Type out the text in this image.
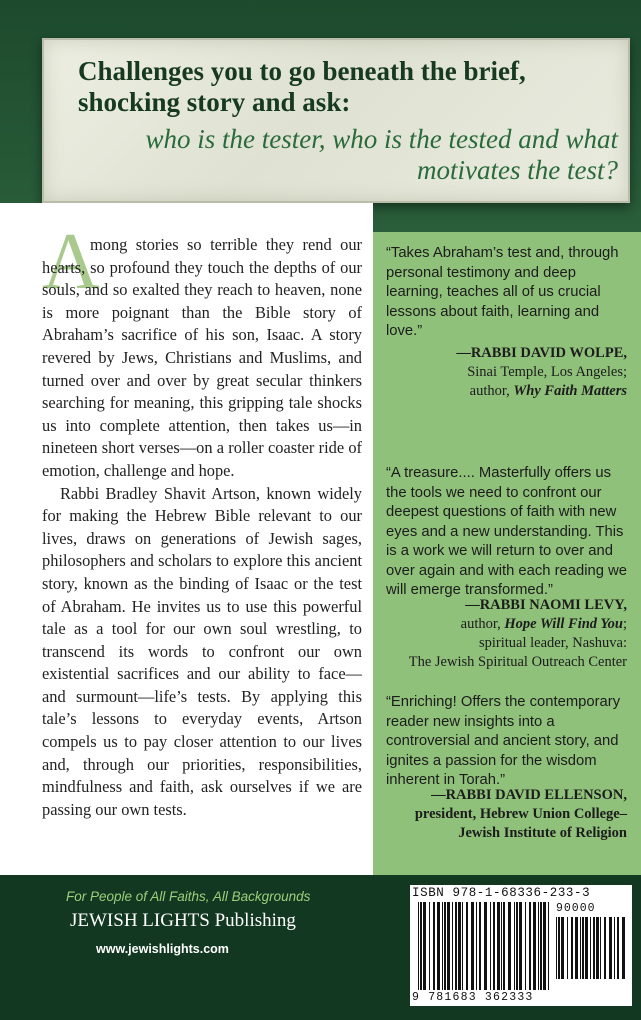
Challenges you to go beneath the brief, shocking story and ask:

who is the tester, who is the tested and what motivates the test?

A

mong stories so terrible they rend our hearts, so profound they touch the depths of our souls, and so exalted they reach to heaven, none is more poignant than the Bible story of Abraham’s sacrifice of his son, Isaac. A story revered by Jews, Christians and Muslims, and turned over and over by great secular thinkers searching for meaning, this gripping tale shocks us into complete attention, then takes us—in nineteen short verses—on a roller coaster ride of emotion, challenge and hope.

Rabbi Bradley Shavit Artson, known widely for making the Hebrew Bible relevant to our lives, draws on generations of Jewish sages, philosophers and scholars to explore this ancient story, known as the binding of Isaac or the test of Abraham. He invites us to use this powerful tale as a tool for our own soul wrestling, to transcend its words to confront our own existential sacrifices and our ability to face—and surmount—life’s tests. By applying this tale’s lessons to everyday events, Artson compels us to pay closer attention to our lives and, through our priorities, responsibilities, mindfulness and faith, ask ourselves if we are passing our own tests.

“Takes Abraham’s test and, through personal testimony and deep learning, teaches all of us crucial lessons about faith, learning and love.”

—RABBI DAVID WOLPE,
Sinai Temple, Los Angeles;
author, Why Faith Matters

“A treasure.... Masterfully offers us the tools we need to confront our deepest questions of faith with new eyes and a new understanding. This is a work we will return to over and over again and with each reading we will emerge transformed.”

—RABBI NAOMI LEVY,
author, Hope Will Find You;
spiritual leader, Nashuva:
The Jewish Spiritual Outreach Center

“Enriching! Offers the contemporary reader new insights into a controversial and ancient story, and ignites a passion for the wisdom inherent in Torah.”

—RABBI DAVID ELLENSON,
president, Hebrew Union College–
Jewish Institute of Religion
For People of All Faiths, All Backgrounds
JEWISH LIGHTS Publishing
www.jewishlights.com
ISBN 978-1-68336-233-3
90000
9 781683 362333
